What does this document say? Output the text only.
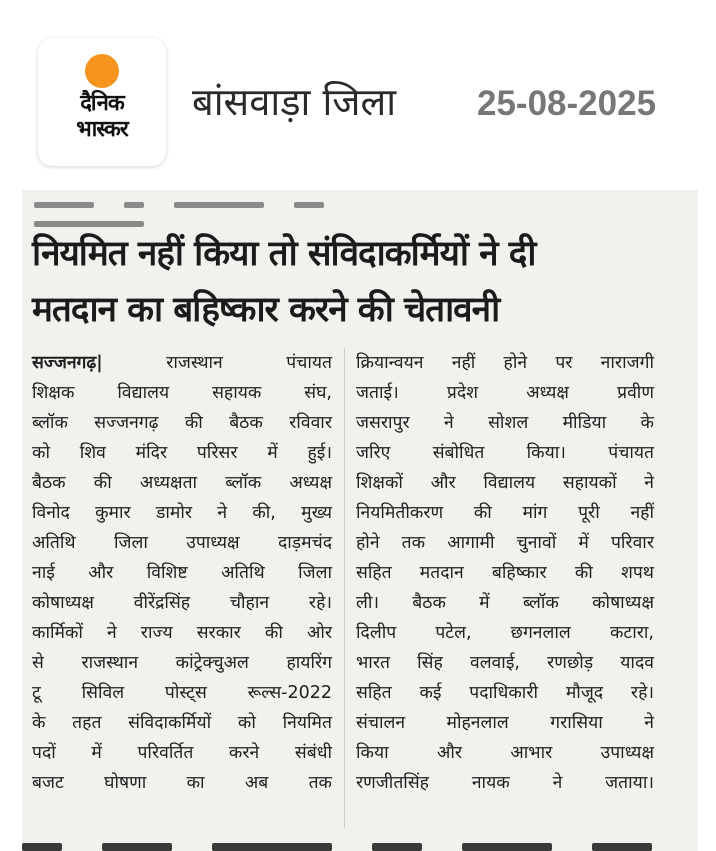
दैनिक
भास्कर
बांसवाड़ा जिला 25-08-2025
नियमित नहीं किया तो संविदाकर्मियों ने दी
मतदान का बहिष्कार करने की चेतावनी

सज्जनगढ़|	राजस्थान पंचायत

शिक्षक विद्यालय सहायक संघ,

ब्लॉक सज्जनगढ़ की बैठक रविवार

को शिव मंदिर परिसर में हुई।

बैठक की अध्यक्षता ब्लॉक अध्यक्ष

विनोद कुमार डामोर ने की, मुख्य

अतिथि जिला उपाध्यक्ष दाड़मचंद

नाई और विशिष्ट अतिथि जिला

कोषाध्यक्ष वीरेंद्रसिंह चौहान रहे।

कार्मिकों ने राज्य सरकार की ओर

से राजस्थान कांट्रेक्चुअल हायरिंग

टू सिविल पोस्ट्स रूल्स-2022

के तहत संविदाकर्मियों को नियमित

पदों में परिवर्तित करने संबंधी

बजट घोषणा का अब तक

क्रियान्वयन नहीं होने पर नाराजगी

जताई। प्रदेश अध्यक्ष प्रवीण

जसरापुर ने सोशल मीडिया के

जरिए संबोधित किया। पंचायत

शिक्षकों और विद्यालय सहायकों ने

नियमितीकरण की मांग पूरी नहीं

होने तक आगामी चुनावों में परिवार

सहित मतदान बहिष्कार की शपथ

ली। बैठक में ब्लॉक कोषाध्यक्ष

दिलीप पटेल, छगनलाल कटारा,

भारत सिंह वलवाई, रणछोड़ यादव

सहित कई पदाधिकारी मौजूद रहे।

संचालन मोहनलाल गरासिया ने

किया और आभार उपाध्यक्ष

रणजीतसिंह नायक ने जताया।
